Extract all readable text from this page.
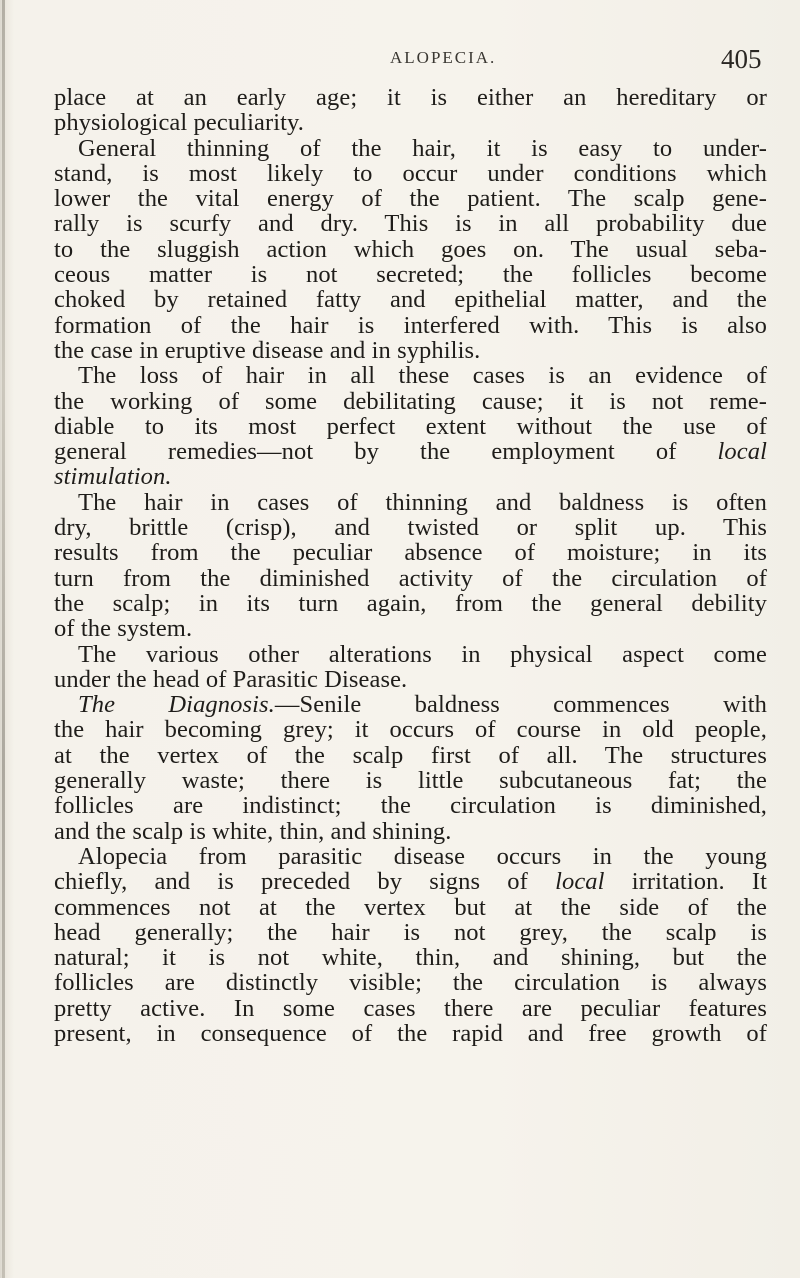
ALOPECIA.	405
place at an early age; it is either an hereditary or
physiological peculiarity.
General thinning of the hair, it is easy to under-
stand, is most likely to occur under conditions which
lower the vital energy of the patient. The scalp gene-
rally is scurfy and dry. This is in all probability due
to the sluggish action which goes on. The usual seba-
ceous matter is not secreted; the follicles become
choked by retained fatty and epithelial matter, and the
formation of the hair is interfered with. This is also
the case in eruptive disease and in syphilis.
The loss of hair in all these cases is an evidence of
the working of some debilitating cause; it is not reme-
diable to its most perfect extent without the use of
general remedies—not by the employment of local
stimulation.
The hair in cases of thinning and baldness is often
dry, brittle (crisp), and twisted or split up. This
results from the peculiar absence of moisture; in its
turn from the diminished activity of the circulation of
the scalp; in its turn again, from the general debility
of the system.
The various other alterations in physical aspect come
under the head of Parasitic Disease.
The Diagnosis.—Senile baldness commences with
the hair becoming grey; it occurs of course in old people,
at the vertex of the scalp first of all. The structures
generally waste; there is little subcutaneous fat; the
follicles are indistinct; the circulation is diminished,
and the scalp is white, thin, and shining.
Alopecia from parasitic disease occurs in the young
chiefly, and is preceded by signs of local irritation. It
commences not at the vertex but at the side of the
head generally; the hair is not grey, the scalp is
natural; it is not white, thin, and shining, but the
follicles are distinctly visible; the circulation is always
pretty active. In some cases there are peculiar features
present, in consequence of the rapid and free growth of
